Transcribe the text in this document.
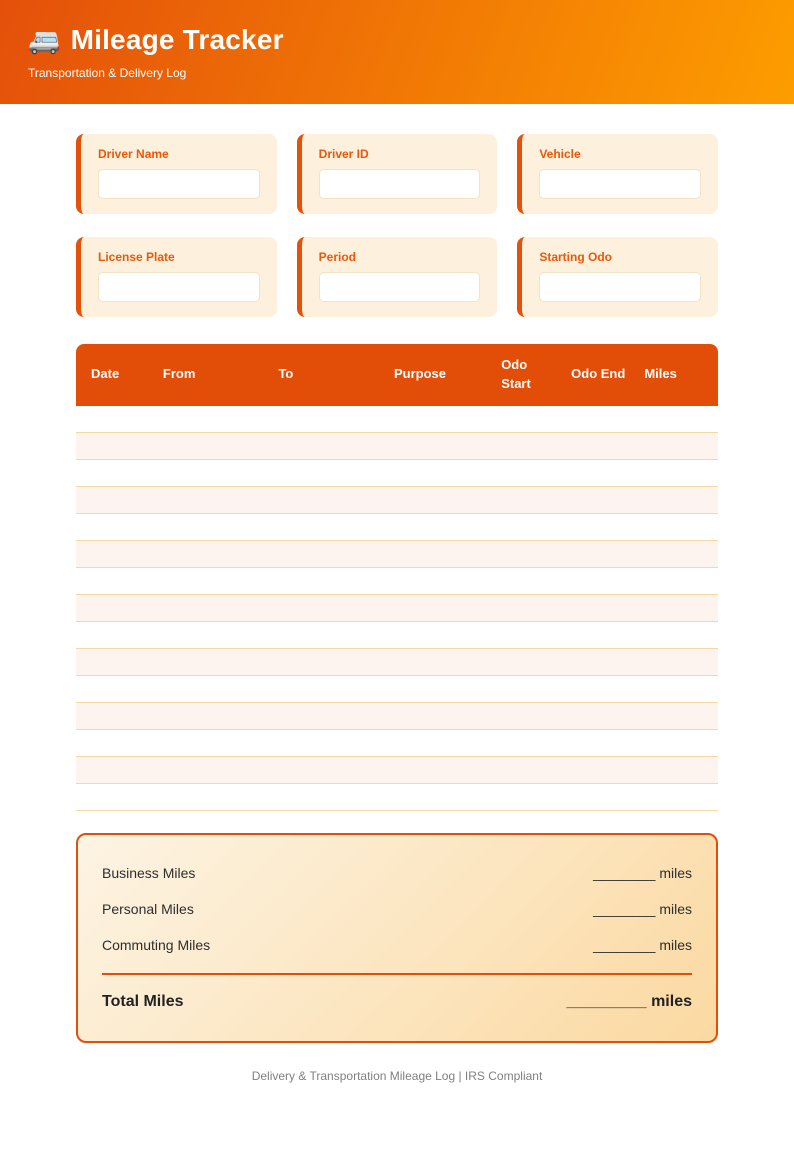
🚐 Mileage Tracker

Transportation & Delivery Log

Driver Name	Driver ID	Vehicle
License Plate	Period	Starting Odo
Date	From	To	Purpose	Odo Start	Odo End	Miles

Business Miles	________ miles
Personal Miles	________ miles
Commuting Miles	________ miles
Total Miles	_________ miles
Delivery & Transportation Mileage Log | IRS Compliant
